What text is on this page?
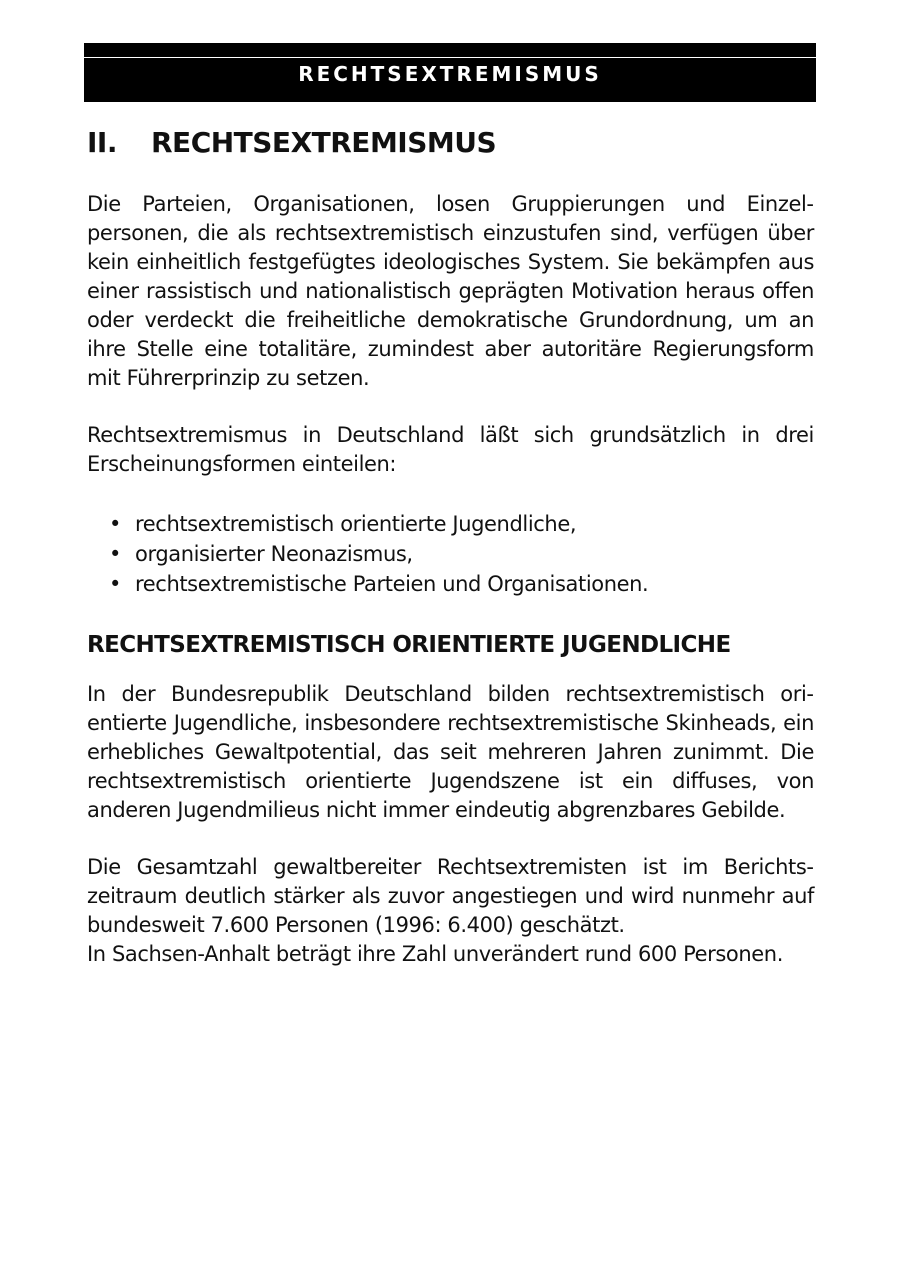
RECHTSEXTREMISMUS
II. RECHTSEXTREMISMUS

Die Parteien, Organisationen, losen Gruppierungen und Einzelpersonen, die als rechtsextremistisch einzustufen sind, verfügen über kein einheitlich festgefügtes ideologisches System. Sie bekämpfen aus einer rassistisch und nationalistisch geprägten Motivation heraus offen oder verdeckt die freiheitliche demokratische Grundordnung, um an ihre Stelle eine totalitäre, zumindest aber autoritäre Regierungsform mit Führerprinzip zu setzen.

Rechtsextremismus in Deutschland läßt sich grundsätzlich in drei Erscheinungsformen einteilen:

• rechtsextremistisch orientierte Jugendliche,
• organisierter Neonazismus,
• rechtsextremistische Parteien und Organisationen.
RECHTSEXTREMISTISCH ORIENTIERTE JUGENDLICHE

In der Bundesrepublik Deutschland bilden rechtsextremistisch orientierte Jugendliche, insbesondere rechtsextremistische Skinheads, ein erhebliches Gewaltpotential, das seit mehreren Jahren zunimmt. Die rechtsextremistisch orientierte Jugendszene ist ein diffuses, von anderen Jugendmilieus nicht immer eindeutig abgrenzbares Gebilde.

Die Gesamtzahl gewaltbereiter Rechtsextremisten ist im Berichtszeitraum deutlich stärker als zuvor angestiegen und wird nunmehr auf bundesweit 7.600 Personen (1996: 6.400) geschätzt.

In Sachsen-Anhalt beträgt ihre Zahl unverändert rund 600 Personen.
